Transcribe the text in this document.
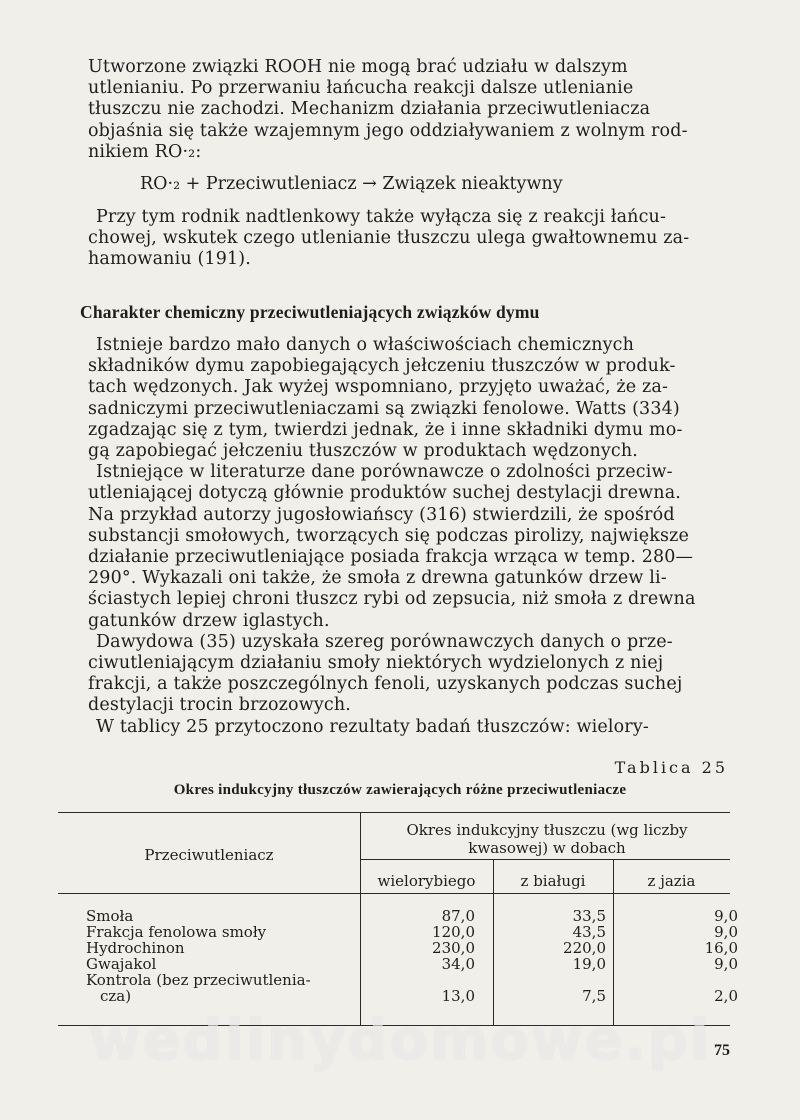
Utworzone związki ROOH nie mogą brać udziału w dalszym

utlenianiu. Po przerwaniu łańcucha reakcji dalsze utlenianie

tłuszczu nie zachodzi. Mechanizm działania przeciwutleniacza

objaśnia się także wzajemnym jego oddziaływaniem z wolnym rod-

nikiem RO·₂:

RO·₂ + Przeciwutleniacz → Związek nieaktywny

Przy tym rodnik nadtlenkowy także wyłącza się z reakcji łańcu-

chowej, wskutek czego utlenianie tłuszczu ulega gwałtownemu za-

hamowaniu (191).

Charakter chemiczny przeciwutleniających związków dymu

Istnieje bardzo mało danych o właściwościach chemicznych

składników dymu zapobiegających jełczeniu tłuszczów w produk-

tach wędzonych. Jak wyżej wspomniano, przyjęto uważać, że za-

sadniczymi przeciwutleniaczami są związki fenolowe. Watts (334)

zgadzając się z tym, twierdzi jednak, że i inne składniki dymu mo-

gą zapobiegać jełczeniu tłuszczów w produktach wędzonych.

Istniejące w literaturze dane porównawcze o zdolności przeciw-

utleniającej dotyczą głównie produktów suchej destylacji drewna.

Na przykład autorzy jugosłowiańscy (316) stwierdzili, że spośród

substancji smołowych, tworzących się podczas pirolizy, największe

działanie przeciwutleniające posiada frakcja wrząca w temp. 280—

290°. Wykazali oni także, że smoła z drewna gatunków drzew li-

ściastych lepiej chroni tłuszcz rybi od zepsucia, niż smoła z drewna

gatunków drzew iglastych.

Dawydowa (35) uzyskała szereg porównawczych danych o prze-

ciwutleniającym działaniu smoły niektórych wydzielonych z niej

frakcji, a także poszczególnych fenoli, uzyskanych podczas suchej

destylacji trocin brzozowych.

W tablicy 25 przytoczono rezultaty badań tłuszczów: wielory-

Tablica 25
Okres indukcyjny tłuszczów zawierających różne przeciwutleniacze
Przeciwutleniacz
Okres indukcyjny tłuszczu (wg liczby
kwasowej) w dobach
wielorybiego	z białugi	z jazia
Smoła	87,0	33,5	9,0
Frakcja fenolowa smoły	120,0	43,5	9,0
Hydrochinon	230,0	220,0	16,0
Gwajakol	34,0	19,0	9,0
Kontrola (bez przeciwutlenia-
cza)	13,0	7,5	2,0
wedlinydomowe.pl 75
